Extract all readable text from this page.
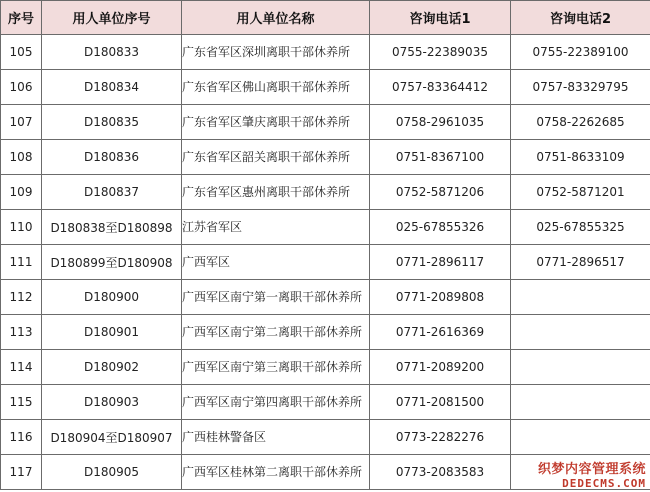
序号	用人单位序号	用人单位名称	咨询电话1	咨询电话2
105	D180833	广东省军区深圳离职干部休养所	0755-22389035	0755-22389100
106	D180834	广东省军区佛山离职干部休养所	0757-83364412	0757-83329795
107	D180835	广东省军区肇庆离职干部休养所	0758-2961035	0758-2262685
108	D180836	广东省军区韶关离职干部休养所	0751-8367100	0751-8633109
109	D180837	广东省军区惠州离职干部休养所	0752-5871206	0752-5871201
110	D180838至D180898	江苏省军区	025-67855326	025-67855325
111	D180899至D180908	广西军区	0771-2896117	0771-2896517
112	D180900	广西军区南宁第一离职干部休养所	0771-2089808	
113	D180901	广西军区南宁第二离职干部休养所	0771-2616369	
114	D180902	广西军区南宁第三离职干部休养所	0771-2089200	
115	D180903	广西军区南宁第四离职干部休养所	0771-2081500	
116	D180904至D180907	广西桂林警备区	0773-2282276	
117	D180905	广西军区桂林第二离职干部休养所	0773-2083583		织梦内容管理系统
DEDECMS.COM
